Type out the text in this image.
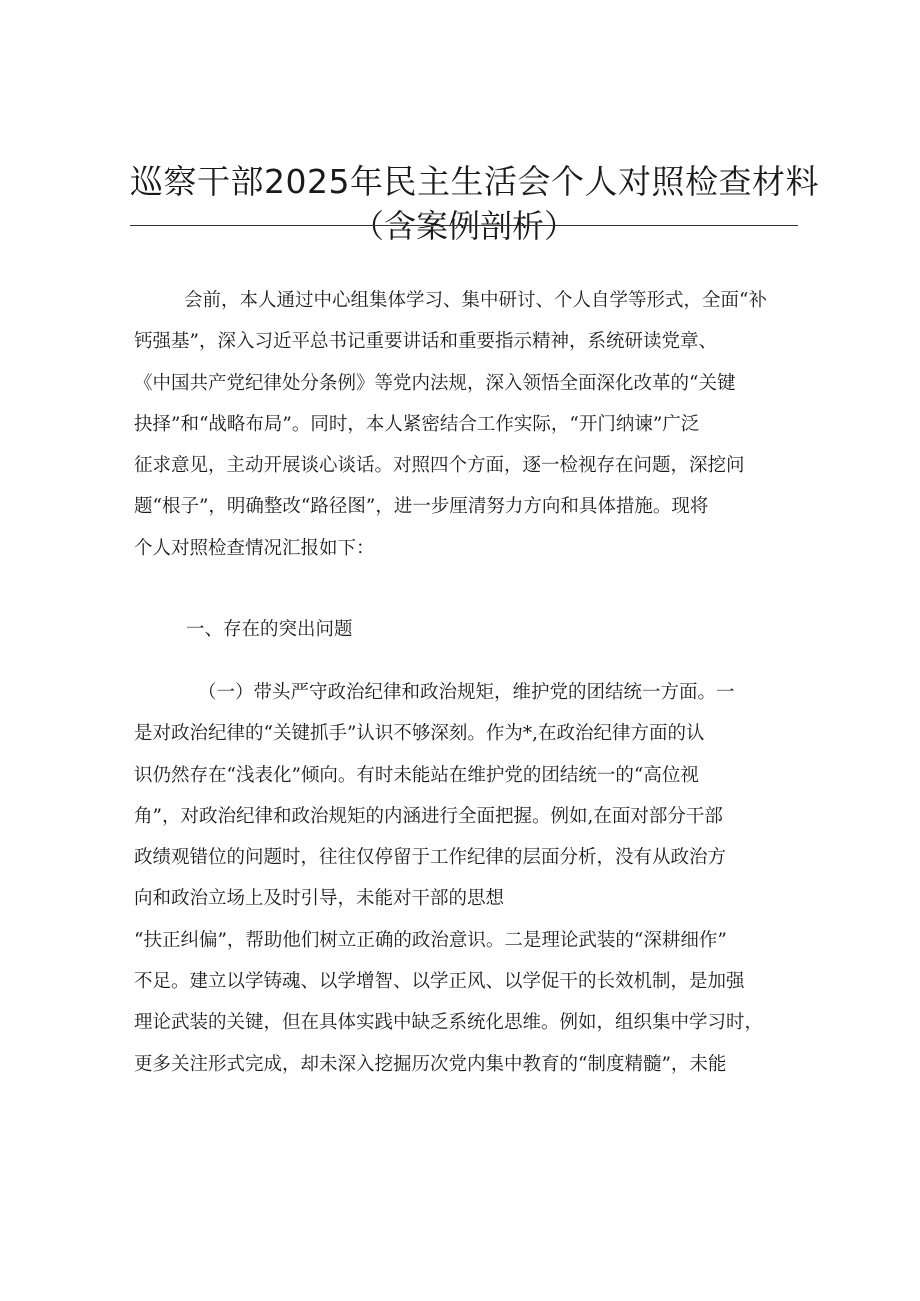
巡察干部2025年民主生活会个人对照检查材料
（含案例剖析）
会前，本人通过中心组集体学习、集中研讨、个人自学等形式，全面“补
钙强基”，深入习近平总书记重要讲话和重要指示精神，系统研读党章、
《中国共产党纪律处分条例》等党内法规，深入领悟全面深化改革的“关键
抉择”和“战略布局”。同时，本人紧密结合工作实际，“开门纳谏”广泛
征求意见，主动开展谈心谈话。对照四个方面，逐一检视存在问题，深挖问
题“根子”，明确整改“路径图”，进一步厘清努力方向和具体措施。现将
个人对照检查情况汇报如下：
一、存在的突出问题
（一）带头严守政治纪律和政治规矩，维护党的团结统一方面。一
是对政治纪律的“关键抓手”认识不够深刻。作为*,在政治纪律方面的认
识仍然存在“浅表化”倾向。有时未能站在维护党的团结统一的“高位视
角”，对政治纪律和政治规矩的内涵进行全面把握。例如,在面对部分干部
政绩观错位的问题时，往往仅停留于工作纪律的层面分析，没有从政治方
向和政治立场上及时引导，未能对干部的思想
“扶正纠偏”，帮助他们树立正确的政治意识。二是理论武装的“深耕细作”
不足。建立以学铸魂、以学增智、以学正风、以学促干的长效机制，是加强
理论武装的关键，但在具体实践中缺乏系统化思维。例如，组织集中学习时，
更多关注形式完成，却未深入挖掘历次党内集中教育的“制度精髓”，未能
